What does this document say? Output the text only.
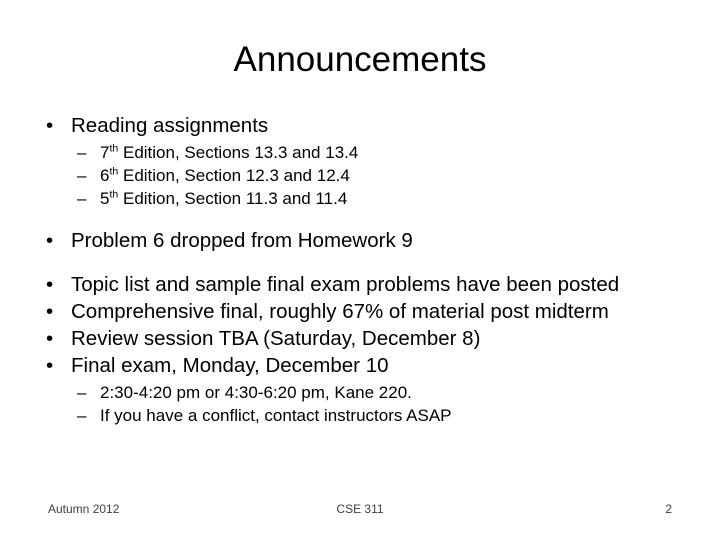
Announcements
• Reading assignments
– 7th Edition, Sections 13.3 and 13.4
– 6th Edition, Section 12.3 and 12.4
– 5th Edition, Section 11.3 and 11.4
• Problem 6 dropped from Homework 9
• Topic list and sample final exam problems have been posted
• Comprehensive final, roughly 67% of material post midterm
• Review session TBA (Saturday, December 8)
• Final exam, Monday, December 10
– 2:30-4:20 pm or 4:30-6:20 pm, Kane 220.
– If you have a conflict, contact instructors ASAP
Autumn 2012	CSE 311	2
